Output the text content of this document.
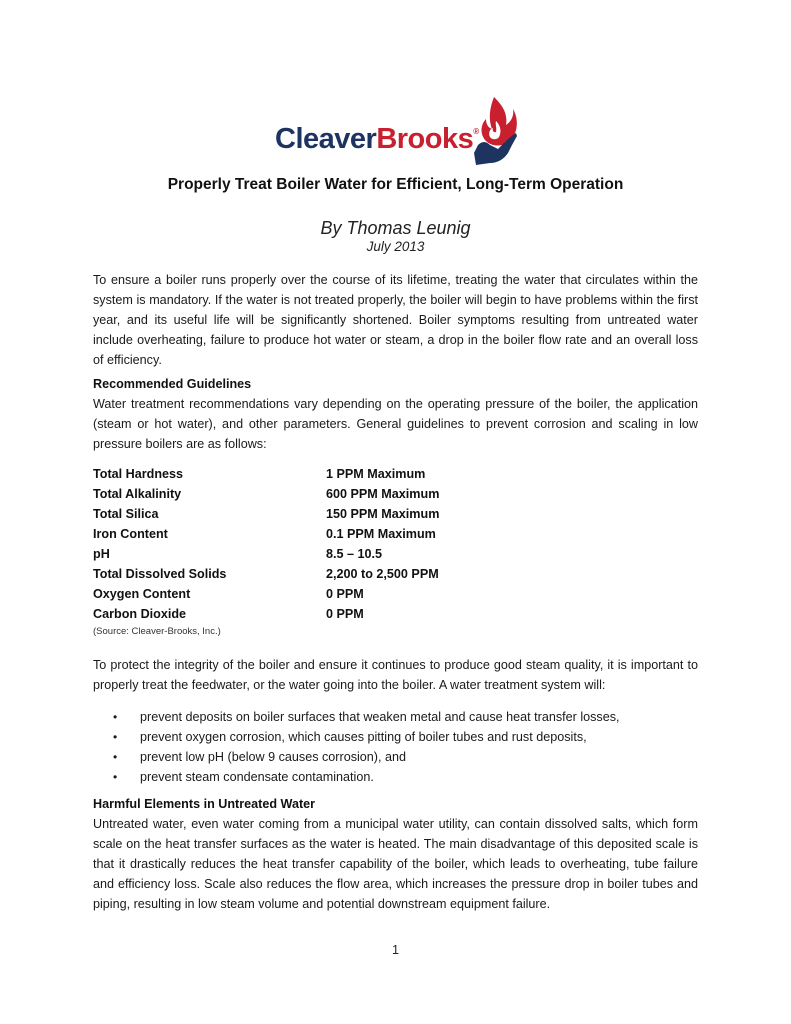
CleaverBrooks®
Properly Treat Boiler Water for Efficient, Long-Term Operation
By Thomas Leunig
July 2013
To ensure a boiler runs properly over the course of its lifetime, treating the water that circulates within the system is mandatory. If the water is not treated properly, the boiler will begin to have problems within the first year, and its useful life will be significantly shortened. Boiler symptoms resulting from untreated water include overheating, failure to produce hot water or steam, a drop in the boiler flow rate and an overall loss of efficiency.
Recommended Guidelines
Water treatment recommendations vary depending on the operating pressure of the boiler, the application (steam or hot water), and other parameters. General guidelines to prevent corrosion and scaling in low pressure boilers are as follows:
Total Hardness	1 PPM Maximum
Total Alkalinity	600 PPM Maximum
Total Silica	150 PPM Maximum
Iron Content	0.1 PPM Maximum
pH	8.5 – 10.5
Total Dissolved Solids	2,200 to 2,500 PPM
Oxygen Content	0 PPM
Carbon Dioxide	0 PPM
(Source: Cleaver-Brooks, Inc.)
To protect the integrity of the boiler and ensure it continues to produce good steam quality, it is important to properly treat the feedwater, or the water going into the boiler. A water treatment system will:
•	prevent deposits on boiler surfaces that weaken metal and cause heat transfer losses,
•	prevent oxygen corrosion, which causes pitting of boiler tubes and rust deposits,
•	prevent low pH (below 9 causes corrosion), and
•	prevent steam condensate contamination.
Harmful Elements in Untreated Water
Untreated water, even water coming from a municipal water utility, can contain dissolved salts, which form scale on the heat transfer surfaces as the water is heated. The main disadvantage of this deposited scale is that it drastically reduces the heat transfer capability of the boiler, which leads to overheating, tube failure and efficiency loss. Scale also reduces the flow area, which increases the pressure drop in boiler tubes and piping, resulting in low steam volume and potential downstream equipment failure.
1
